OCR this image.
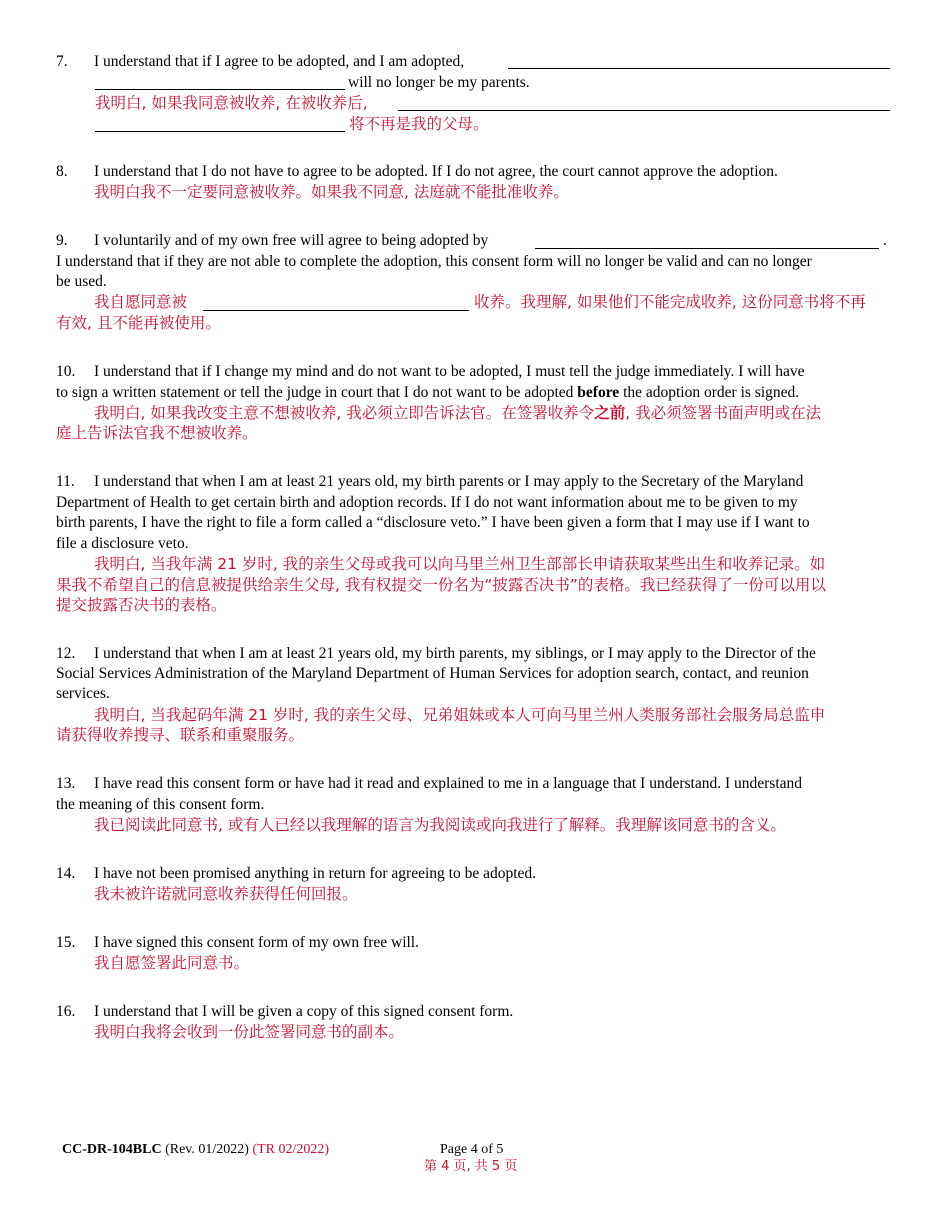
7. I understand that if I agree to be adopted, and I am adopted,
will no longer be my parents.
我明白, 如果我同意被收养, 在被收养后,
将不再是我的父母。
8. I understand that I do not have to agree to be adopted. If I do not agree, the court cannot approve the adoption.
我明白我不一定要同意被收养。如果我不同意, 法庭就不能批准收养。
9. I voluntarily and of my own free will agree to being adopted by	.
I understand that if they are not able to complete the adoption, this consent form will no longer be valid and can no longer
be used.
我自愿同意被	收养。我理解, 如果他们不能完成收养, 这份同意书将不再
有效, 且不能再被使用。
10. I understand that if I change my mind and do not want to be adopted, I must tell the judge immediately. I will have
to sign a written statement or tell the judge in court that I do not want to be adopted before the adoption order is signed.
我明白, 如果我改变主意不想被收养, 我必须立即告诉法官。在签署收养令之前, 我必须签署书面声明或在法
庭上告诉法官我不想被收养。
11. I understand that when I am at least 21 years old, my birth parents or I may apply to the Secretary of the Maryland
Department of Health to get certain birth and adoption records. If I do not want information about me to be given to my
birth parents, I have the right to file a form called a “disclosure veto.” I have been given a form that I may use if I want to
file a disclosure veto.
我明白, 当我年满 21 岁时, 我的亲生父母或我可以向马里兰州卫生部部长申请获取某些出生和收养记录。如
果我不希望自己的信息被提供给亲生父母, 我有权提交一份名为“披露否决书”的表格。我已经获得了一份可以用以
提交披露否决书的表格。
12. I understand that when I am at least 21 years old, my birth parents, my siblings, or I may apply to the Director of the
Social Services Administration of the Maryland Department of Human Services for adoption search, contact, and reunion
services.
我明白, 当我起码年满 21 岁时, 我的亲生父母、兄弟姐妹或本人可向马里兰州人类服务部社会服务局总监申
请获得收养搜寻、联系和重聚服务。
13. I have read this consent form or have had it read and explained to me in a language that I understand. I understand
the meaning of this consent form.
我已阅读此同意书, 或有人已经以我理解的语言为我阅读或向我进行了解释。我理解该同意书的含义。
14. I have not been promised anything in return for agreeing to be adopted.
我未被许诺就同意收养获得任何回报。
15. I have signed this consent form of my own free will.
我自愿签署此同意书。
16. I understand that I will be given a copy of this signed consent form.
我明白我将会收到一份此签署同意书的副本。
CC-DR-104BLC (Rev. 01/2022) (TR 02/2022)	Page 4 of 5
第 4 页, 共 5 页
